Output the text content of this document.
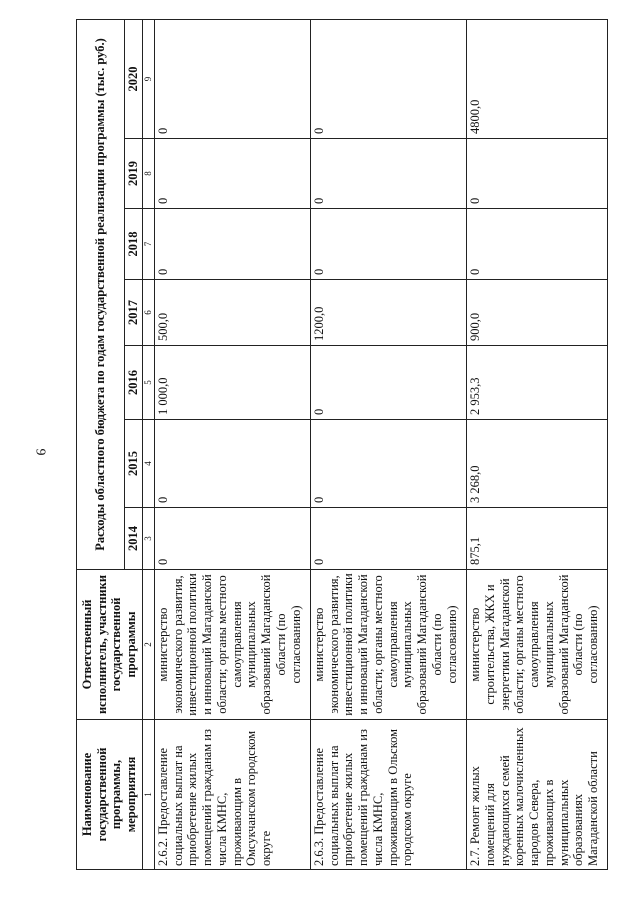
9
Наименование государственной программы, мероприятия	Ответственный исполнитель, участники государственной программы	Расходы областного бюджета по годам государственной реализации программы (тыс. руб.)						
		2014	2015	2016	2017	2018	2019	2020
1	2	3	4	5	6	7	8	9
2.6.2. Предоставление социальных выплат на приобретение жилых помещений гражданам из числа КМНС, проживающим в Омсукчанском городском округе	министерство экономического развития, инвестиционной политики и инноваций Магаданской области; органы местного самоуправления муниципальных образований Магаданской области (по согласованию)	0	0	1 000,0	500,0	0	0	0
2.6.3. Предоставление социальных выплат на приобретение жилых помещений гражданам из числа КМНС, проживающим в Ольском городском округе	министерство экономического развития, инвестиционной политики и инноваций Магаданской области; органы местного самоуправления муниципальных образований Магаданской области (по согласованию)	0	0	0	1200,0	0	0	0
2.7. Ремонт жилых помещений для нуждающихся семей коренных малочисленных народов Севера, проживающих в муниципальных образованиях Магаданской области	министерство строительства, ЖКХ и энергетики Магаданской области; органы местного самоуправления муниципальных образований Магаданской области (по согласованию)	875,1	3 268,0	2 953,3	900,0	0	0	4800,0
